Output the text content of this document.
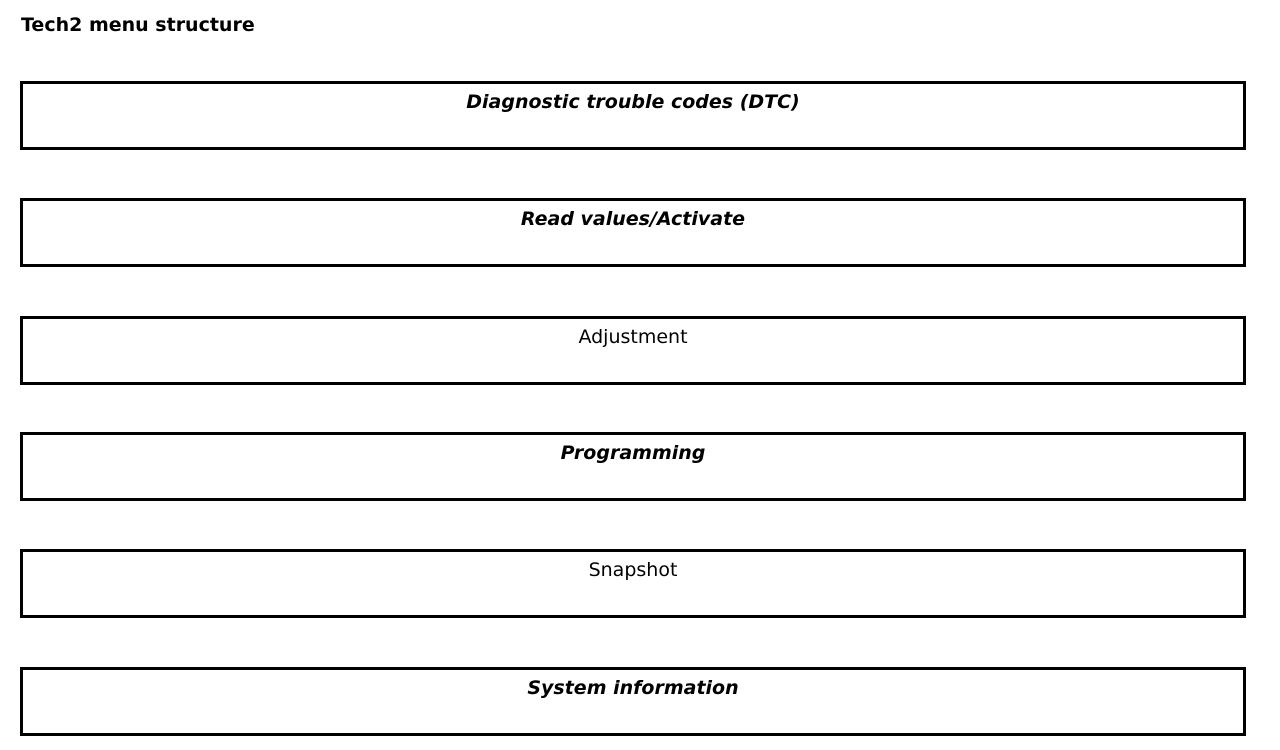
Tech2 menu structure
Diagnostic trouble codes (DTC)
Read values/Activate
Adjustment
Programming
Snapshot
System information
